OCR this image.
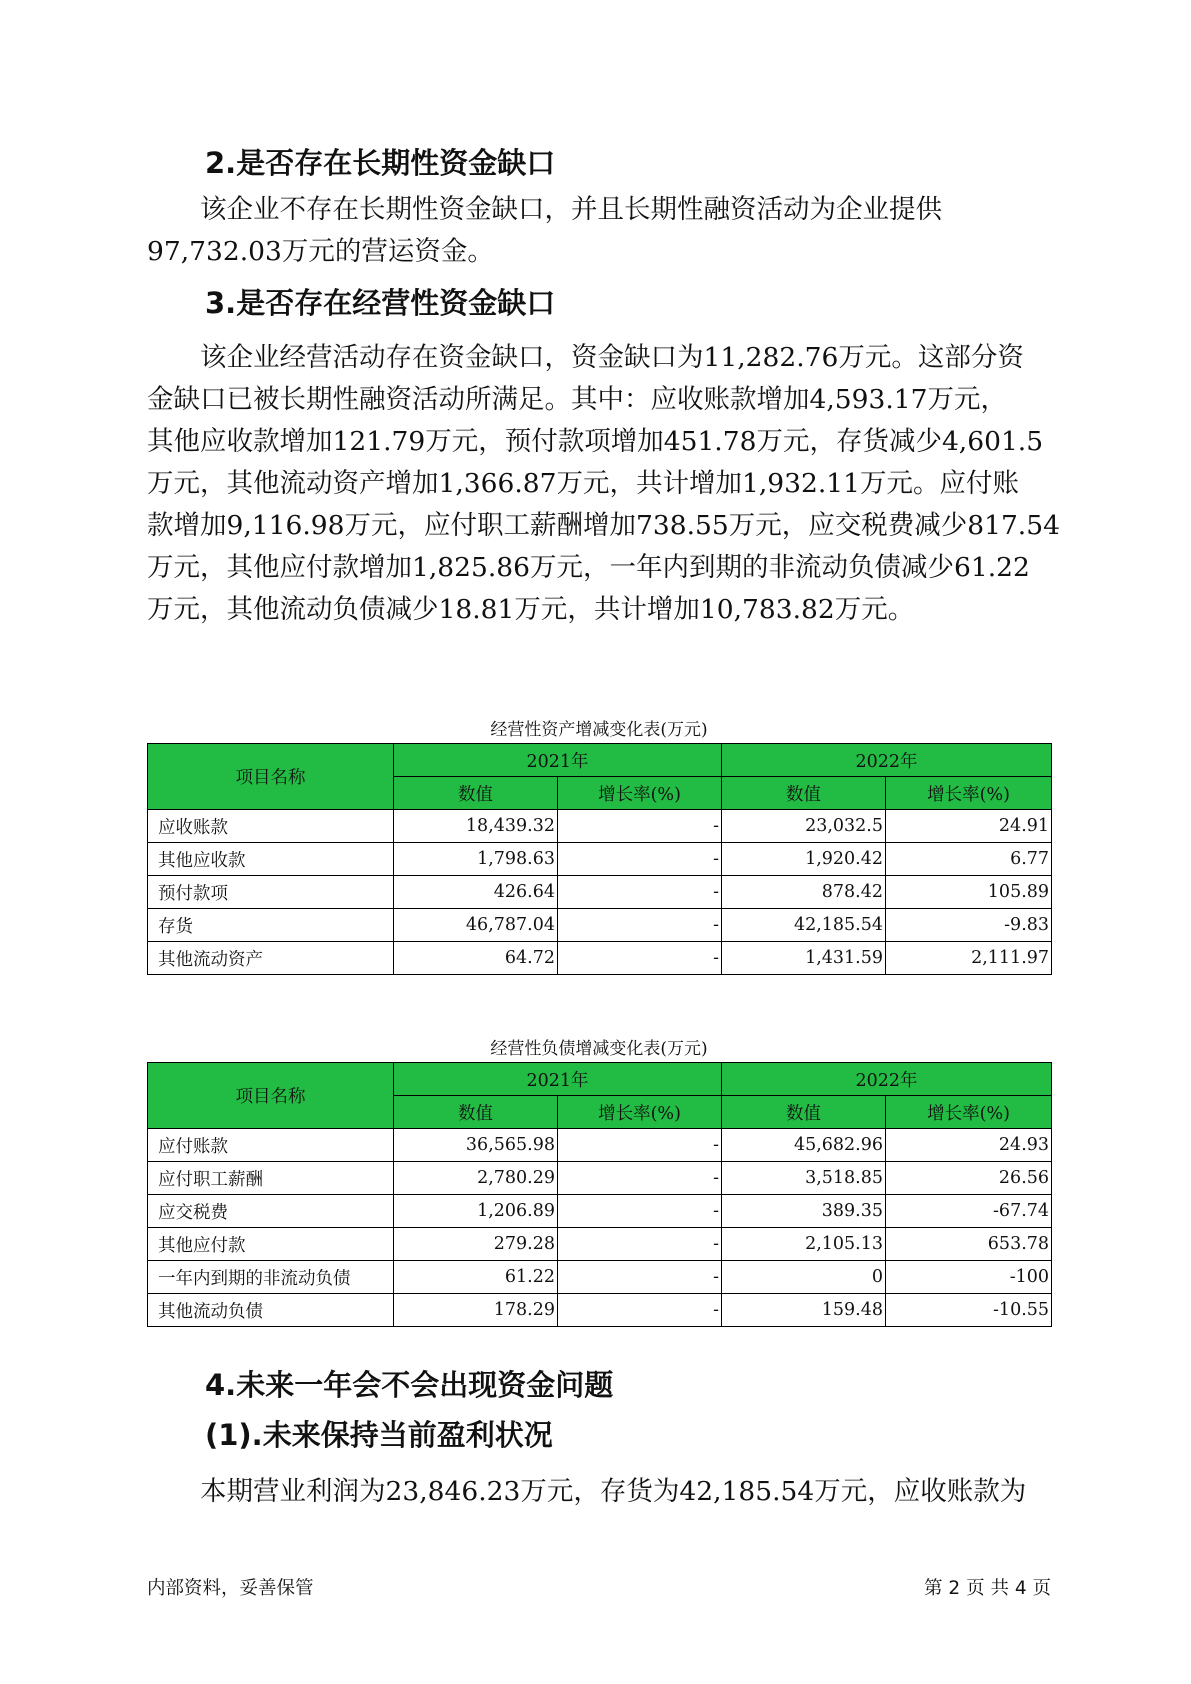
2.是否存在长期性资金缺口

该企业不存在长期性资金缺口，并且长期性融资活动为企业提供
97,732.03万元的营运资金。

3.是否存在经营性资金缺口

该企业经营活动存在资金缺口，资金缺口为11,282.76万元。这部分资
金缺口已被长期性融资活动所满足。其中：应收账款增加4,593.17万元，
其他应收款增加121.79万元，预付款项增加451.78万元，存货减少4,601.5
万元，其他流动资产增加1,366.87万元，共计增加1,932.11万元。应付账
款增加9,116.98万元，应付职工薪酬增加738.55万元，应交税费减少817.54
万元，其他应付款增加1,825.86万元，一年内到期的非流动负债减少61.22
万元，其他流动负债减少18.81万元，共计增加10,783.82万元。

经营性资产增减变化表(万元)

项目名称	2021年		2022年	
	数值	增长率(%)	数值	增长率(%)
应收账款	18,439.32	-	23,032.5	24.91
其他应收款	1,798.63	-	1,920.42	6.77
预付款项	426.64	-	878.42	105.89
存货	46,787.04	-	42,185.54	-9.83
其他流动资产	64.72	-	1,431.59	2,111.97

经营性负债增减变化表(万元)

项目名称	2021年		2022年	
	数值	增长率(%)	数值	增长率(%)
应付账款	36,565.98	-	45,682.96	24.93
应付职工薪酬	2,780.29	-	3,518.85	26.56
应交税费	1,206.89	-	389.35	-67.74
其他应付款	279.28	-	2,105.13	653.78
一年内到期的非流动负债	61.22	-	0	-100
其他流动负债	178.29	-	159.48	-10.55
4.未来一年会不会出现资金问题
(1).未来保持当前盈利状况

本期营业利润为23,846.23万元，存货为42,185.54万元，应收账款为

内部资料，妥善保管	第 2 页 共 4 页
